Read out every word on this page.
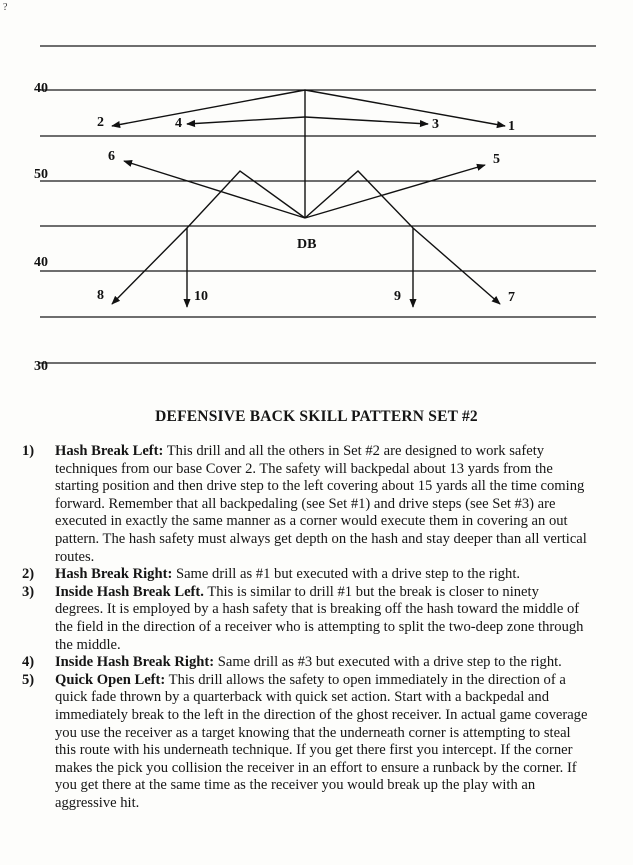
?
40
50
40
30
1
2	3
4
5
6
7
8	9
10
DB
DEFENSIVE BACK SKILL PATTERN SET #2
1)	Hash Break Left: This drill and all the others in Set #2 are designed to work safety techniques from our base Cover 2. The safety will backpedal about 13 yards from the starting position and then drive step to the left covering about 15 yards all the time coming forward. Remember that all backpedaling (see Set #1) and drive steps (see Set #3) are executed in exactly the same manner as a corner would execute them in covering an out pattern. The hash safety must always get depth on the hash and stay deeper than all vertical routes.
2)	Hash Break Right: Same drill as #1 but executed with a drive step to the right.
3)	Inside Hash Break Left. This is similar to drill #1 but the break is closer to ninety degrees. It is employed by a hash safety that is breaking off the hash toward the middle of the field in the direction of a receiver who is attempting to split the two-deep zone through the middle.
4)	Inside Hash Break Right: Same drill as #3 but executed with a drive step to the right.
5)	Quick Open Left: This drill allows the safety to open immediately in the direction of a quick fade thrown by a quarterback with quick set action. Start with a backpedal and immediately break to the left in the direction of the ghost receiver. In actual game coverage you use the receiver as a target knowing that the underneath corner is attempting to steal this route with his underneath technique. If you get there first you intercept. If the corner makes the pick you collision the receiver in an effort to ensure a runback by the corner. If you get there at the same time as the receiver you would break up the play with an aggressive hit.
